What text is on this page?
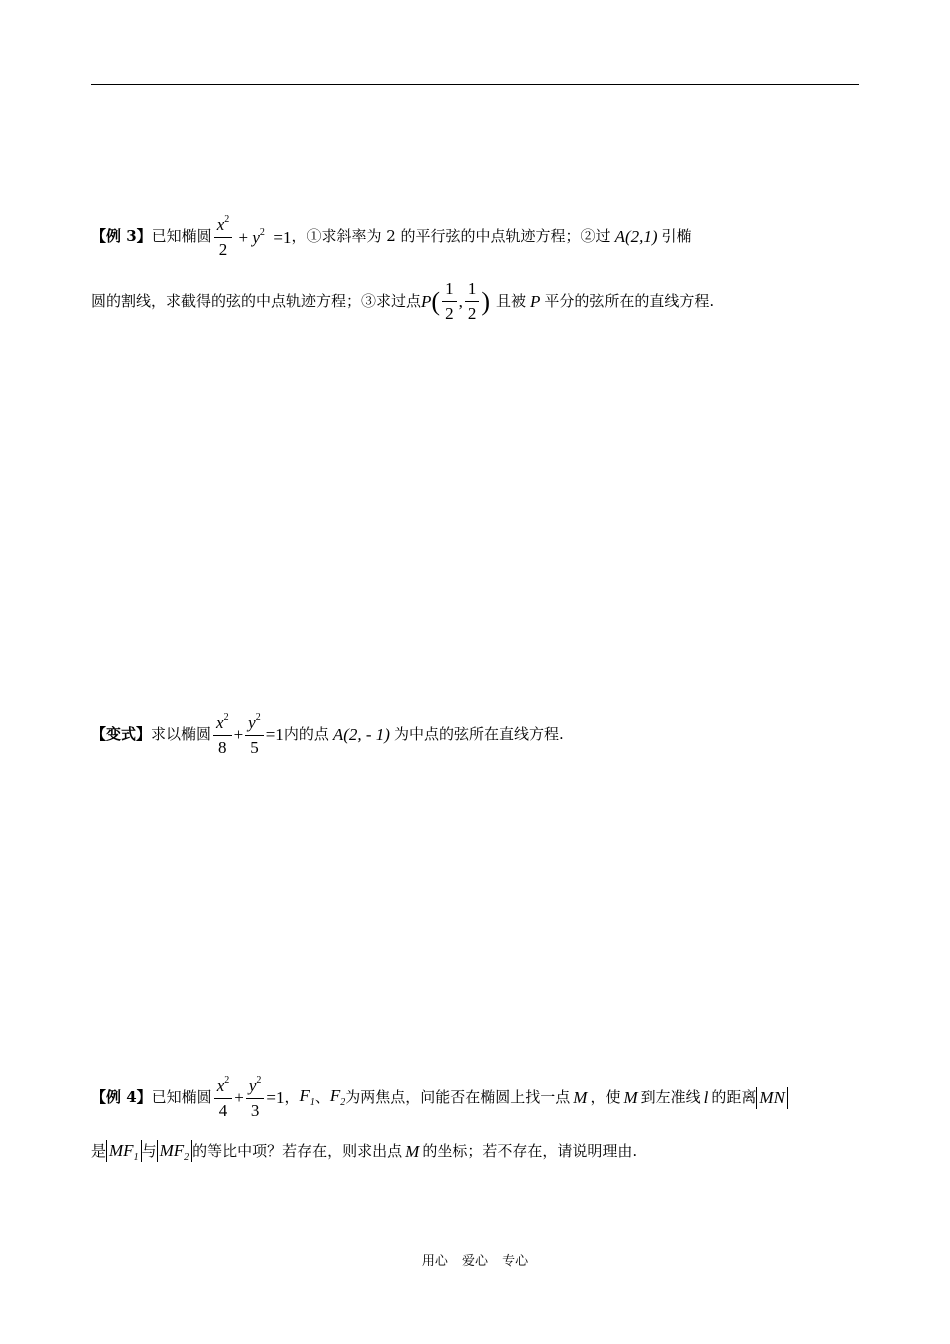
【例 3】 已知椭圆 $\frac{x^2}{2} + y^2 =1$ ，①求斜率为 2 的平行弦的中点轨迹方程；②过 A(2,1) 引椭
圆的割线，求截得的弦的中点轨迹方程；③求过点 P ( $\frac{1}{2}$ , $\frac{1}{2}$ ) 且被 P 平分的弦所在的直线方程.
【变式】 求以椭圆 $\frac{x^2}{8} + \frac{y^2}{5} =1$ 内的点 A(2, - 1) 为中点的弦所在直线方程.
【例 4】 已知椭圆 $\frac{x^2}{4} + \frac{y^2}{3} =1$ ， $F_1$ 、 $F_2$ 为两焦点，问能否在椭圆上找一点 M ，使 M 到左准线 l 的距离 MN
是 $MF_1$ 与 $MF_2$ 的等比中项？若存在，则求出点 M 的坐标；若不存在，请说明理由.
用心 爱心 专心
